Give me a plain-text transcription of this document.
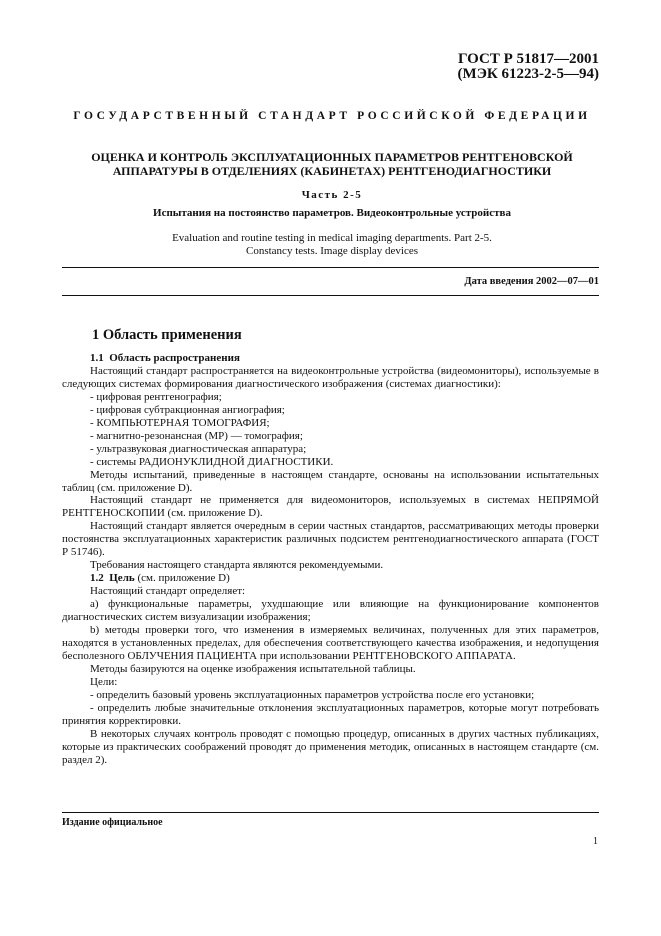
ГОСТ Р 51817—2001
(МЭК 61223-2-5—94)
ГОСУДАРСТВЕННЫЙ СТАНДАРТ РОССИЙСКОЙ ФЕДЕРАЦИИ
ОЦЕНКА И КОНТРОЛЬ ЭКСПЛУАТАЦИОННЫХ ПАРАМЕТРОВ РЕНТГЕНОВСКОЙ
АППАРАТУРЫ В ОТДЕЛЕНИЯХ (КАБИНЕТАХ) РЕНТГЕНОДИАГНОСТИКИ
Часть 2-5
Испытания на постоянство параметров. Видеоконтрольные устройства
Evaluation and routine testing in medical imaging departments. Part 2-5.
Constancy tests. Image display devices
Дата введения 2002—07—01
1 Область применения

1.1 Область распространения

Настоящий стандарт распространяется на видеоконтрольные устройства (видеомониторы), используемые в следующих системах формирования диагностического изображения (системах диагностики):

- цифровая рентгенография;

- цифровая субтракционная ангиография;

- КОМПЬЮТЕРНАЯ ТОМОГРАФИЯ;

- магнитно-резонансная (МР) — томография;

- ультразвуковая диагностическая аппаратура;

- системы РАДИОНУКЛИДНОЙ ДИАГНОСТИКИ.

Методы испытаний, приведенные в настоящем стандарте, основаны на использовании испытательных таблиц (см. приложение D).

Настоящий стандарт не применяется для видеомониторов, используемых в системах НЕПРЯМОЙ РЕНТГЕНОСКОПИИ (см. приложение D).

Настоящий стандарт является очередным в серии частных стандартов, рассматривающих методы проверки постоянства эксплуатационных характеристик различных подсистем рентгенодиагностического аппарата (ГОСТ Р 51746).

Требования настоящего стандарта являются рекомендуемыми.

1.2 Цель (см. приложение D)

Настоящий стандарт определяет:

a) функциональные параметры, ухудшающие или влияющие на функционирование компонентов диагностических систем визуализации изображения;

b) методы проверки того, что изменения в измеряемых величинах, полученных для этих параметров, находятся в установленных пределах, для обеспечения соответствующего качества изображения, и недопущения бесполезного ОБЛУЧЕНИЯ ПАЦИЕНТА при использовании РЕНТГЕНОВСКОГО АППАРАТА.

Методы базируются на оценке изображения испытательной таблицы.

Цели:

- определить базовый уровень эксплуатационных параметров устройства после его установки;

- определить любые значительные отклонения эксплуатационных параметров, которые могут потребовать принятия корректировки.

В некоторых случаях контроль проводят с помощью процедур, описанных в других частных публикациях, которые из практических соображений проводят до применения методик, описанных в настоящем стандарте (см. раздел 2).

Издание официальное
1
